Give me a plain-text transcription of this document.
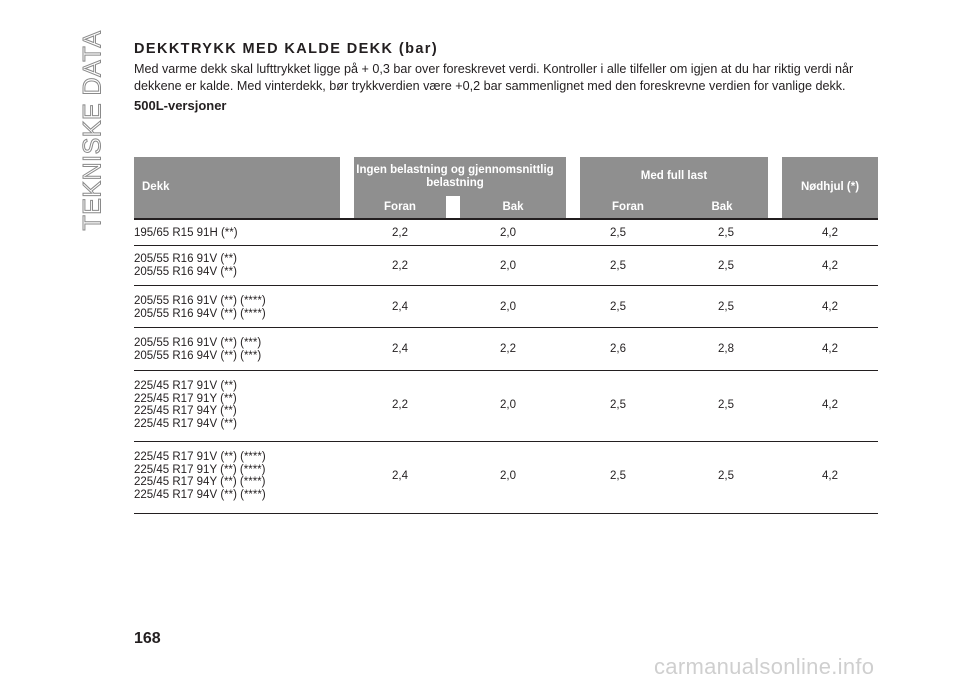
TEKNISKE DATA DEKKTRYKK MED KALDE DEKK (bar)

Med varme dekk skal lufttrykket ligge på + 0,3 bar over foreskrevet verdi. Kontroller i alle tilfeller om igjen at du har riktig verdi når dekkene er kalde. Med vinterdekk, bør trykkverdien være +0,2 bar sammenlignet med den foreskrevne verdien for vanlige dekk.

500L-versjoner

Dekk
Ingen belastning og gjennomsnittlig belastning
Med full last
Nødhjul (*)
Foran	Bak	Foran	Bak
195/65 R15 91H (**)	2,2	2,0	2,5	2,5	4,2
205/55 R16 91V (**)
205/55 R16 94V (**)	2,2	2,0	2,5	2,5	4,2
205/55 R16 91V (**) (****)
205/55 R16 94V (**) (****)
2,4	2,0	2,5	2,5	4,2
205/55 R16 91V (**) (***)
205/55 R16 94V (**) (***)
2,4	2,2	2,6	2,8	4,2
225/45 R17 91V (**)
225/45 R17 91Y (**)
225/45 R17 94Y (**)
225/45 R17 94V (**)
2,2	2,0	2,5	2,5	4,2
225/45 R17 91V (**) (****)
225/45 R17 91Y (**) (****)
225/45 R17 94Y (**) (****)
225/45 R17 94V (**) (****)
2,4	2,0	2,5	2,5	4,2
168
carmanualsonline.info
